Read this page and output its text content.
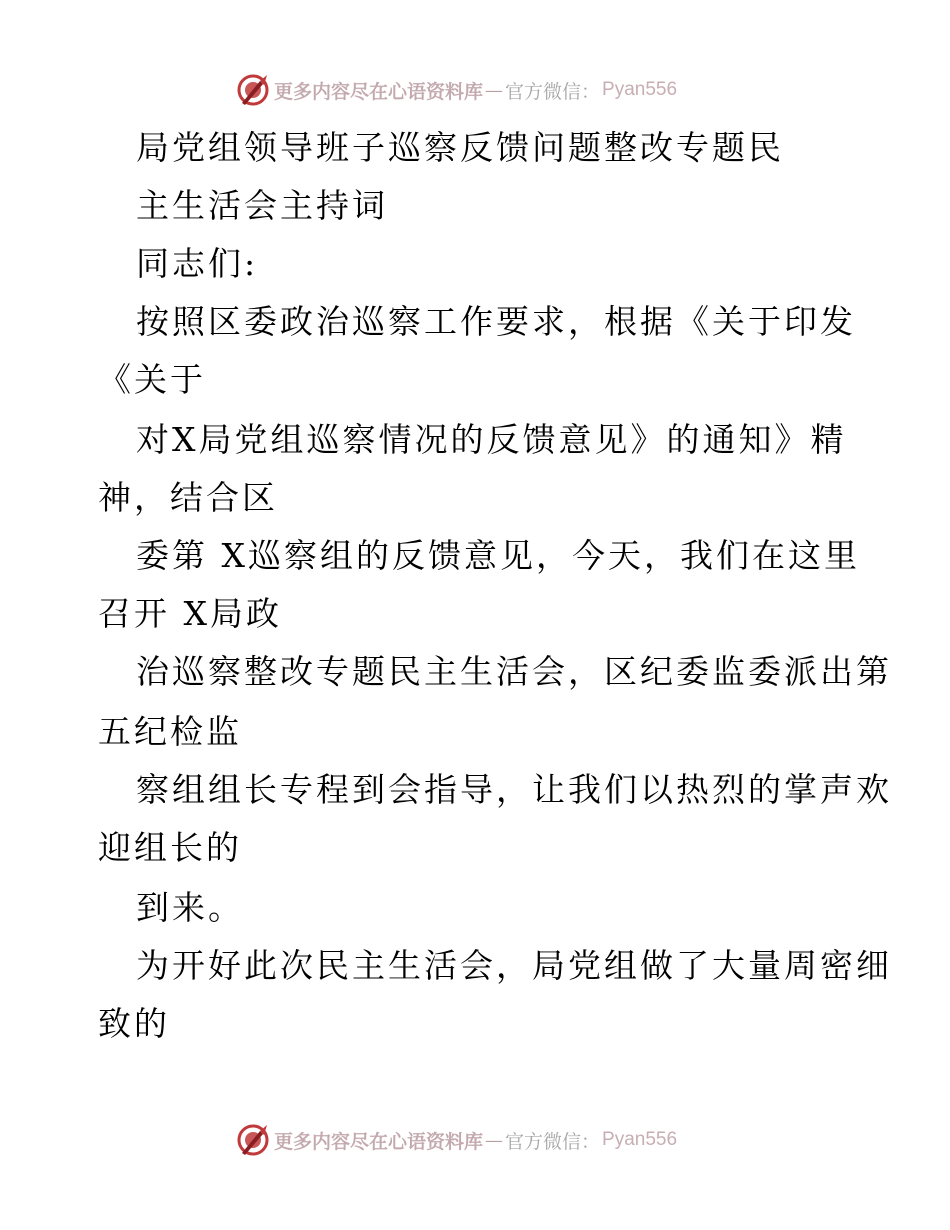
更多内容尽在心语资料库 — 官方微信： Pyan556
局党组领导班子巡察反馈问题整改专题民
主生活会主持词
同志们:
按照区委政治巡察工作要求，根据《关于印发
《关于
对X局党组巡察情况的反馈意见》的通知》精
神，结合区
委第 X巡察组的反馈意见，今天，我们在这里
召开 X局政
治巡察整改专题民主生活会，区纪委监委派出第
五纪检监
察组组长专程到会指导，让我们以热烈的掌声欢
迎组长的
到来。
为开好此次民主生活会，局党组做了大量周密细
致的
更多内容尽在心语资料库 — 官方微信： Pyan556
